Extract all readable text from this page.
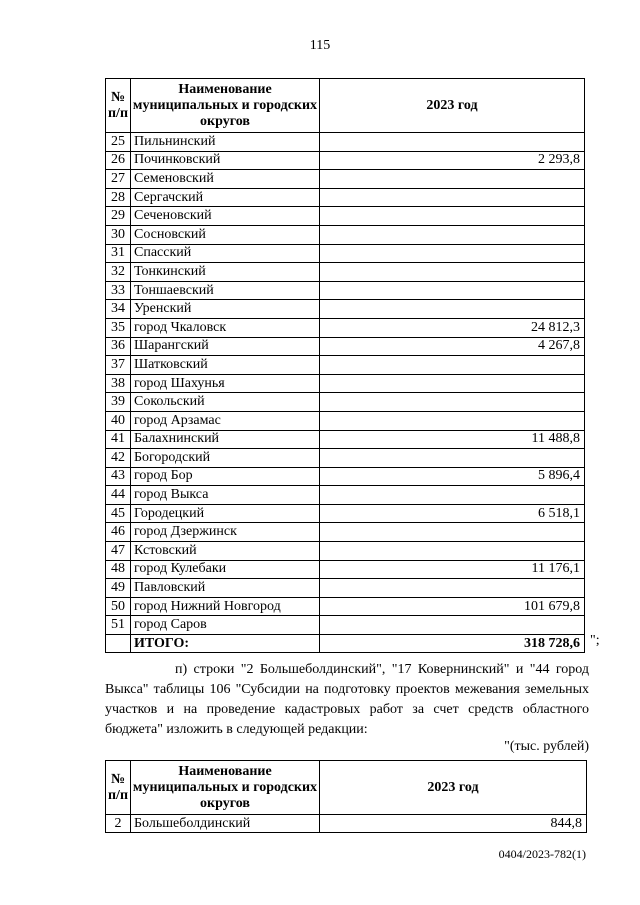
115
№ п/п	Наименование муниципальных и городских округов	2023 год
25	Пильнинский	
26	Починковский	2 293,8
27	Семеновский	
28	Сергачский	
29	Сеченовский	
30	Сосновский	
31	Спасский	
32	Тонкинский	
33	Тоншаевский	
34	Уренский	
35	город Чкаловск	24 812,3
36	Шарангский	4 267,8
37	Шатковский	
38	город Шахунья	
39	Сокольский	
40	город Арзамас	
41	Балахнинский	11 488,8
42	Богородский	
43	город Бор	5 896,4
44	город Выкса	
45	Городецкий	6 518,1
46	город Дзержинск	
47	Кстовский	
48	город Кулебаки	11 176,1
49	Павловский	
50	город Нижний Новгород	101 679,8
51	город Саров	
	ИТОГО:	318 728,6 ";
п) строки "2 Большеболдинский", "17 Ковернинский" и "44 город Выкса" таблицы 106 "Субсидии на подготовку проектов межевания земельных участков и на проведение кадастровых работ за счет средств областного бюджета" изложить в следующей редакции:
"(тыс. рублей)
№ п/п	Наименование муниципальных и городских округов	2023 год
2	Большеболдинский	844,8
0404/2023-782(1)
